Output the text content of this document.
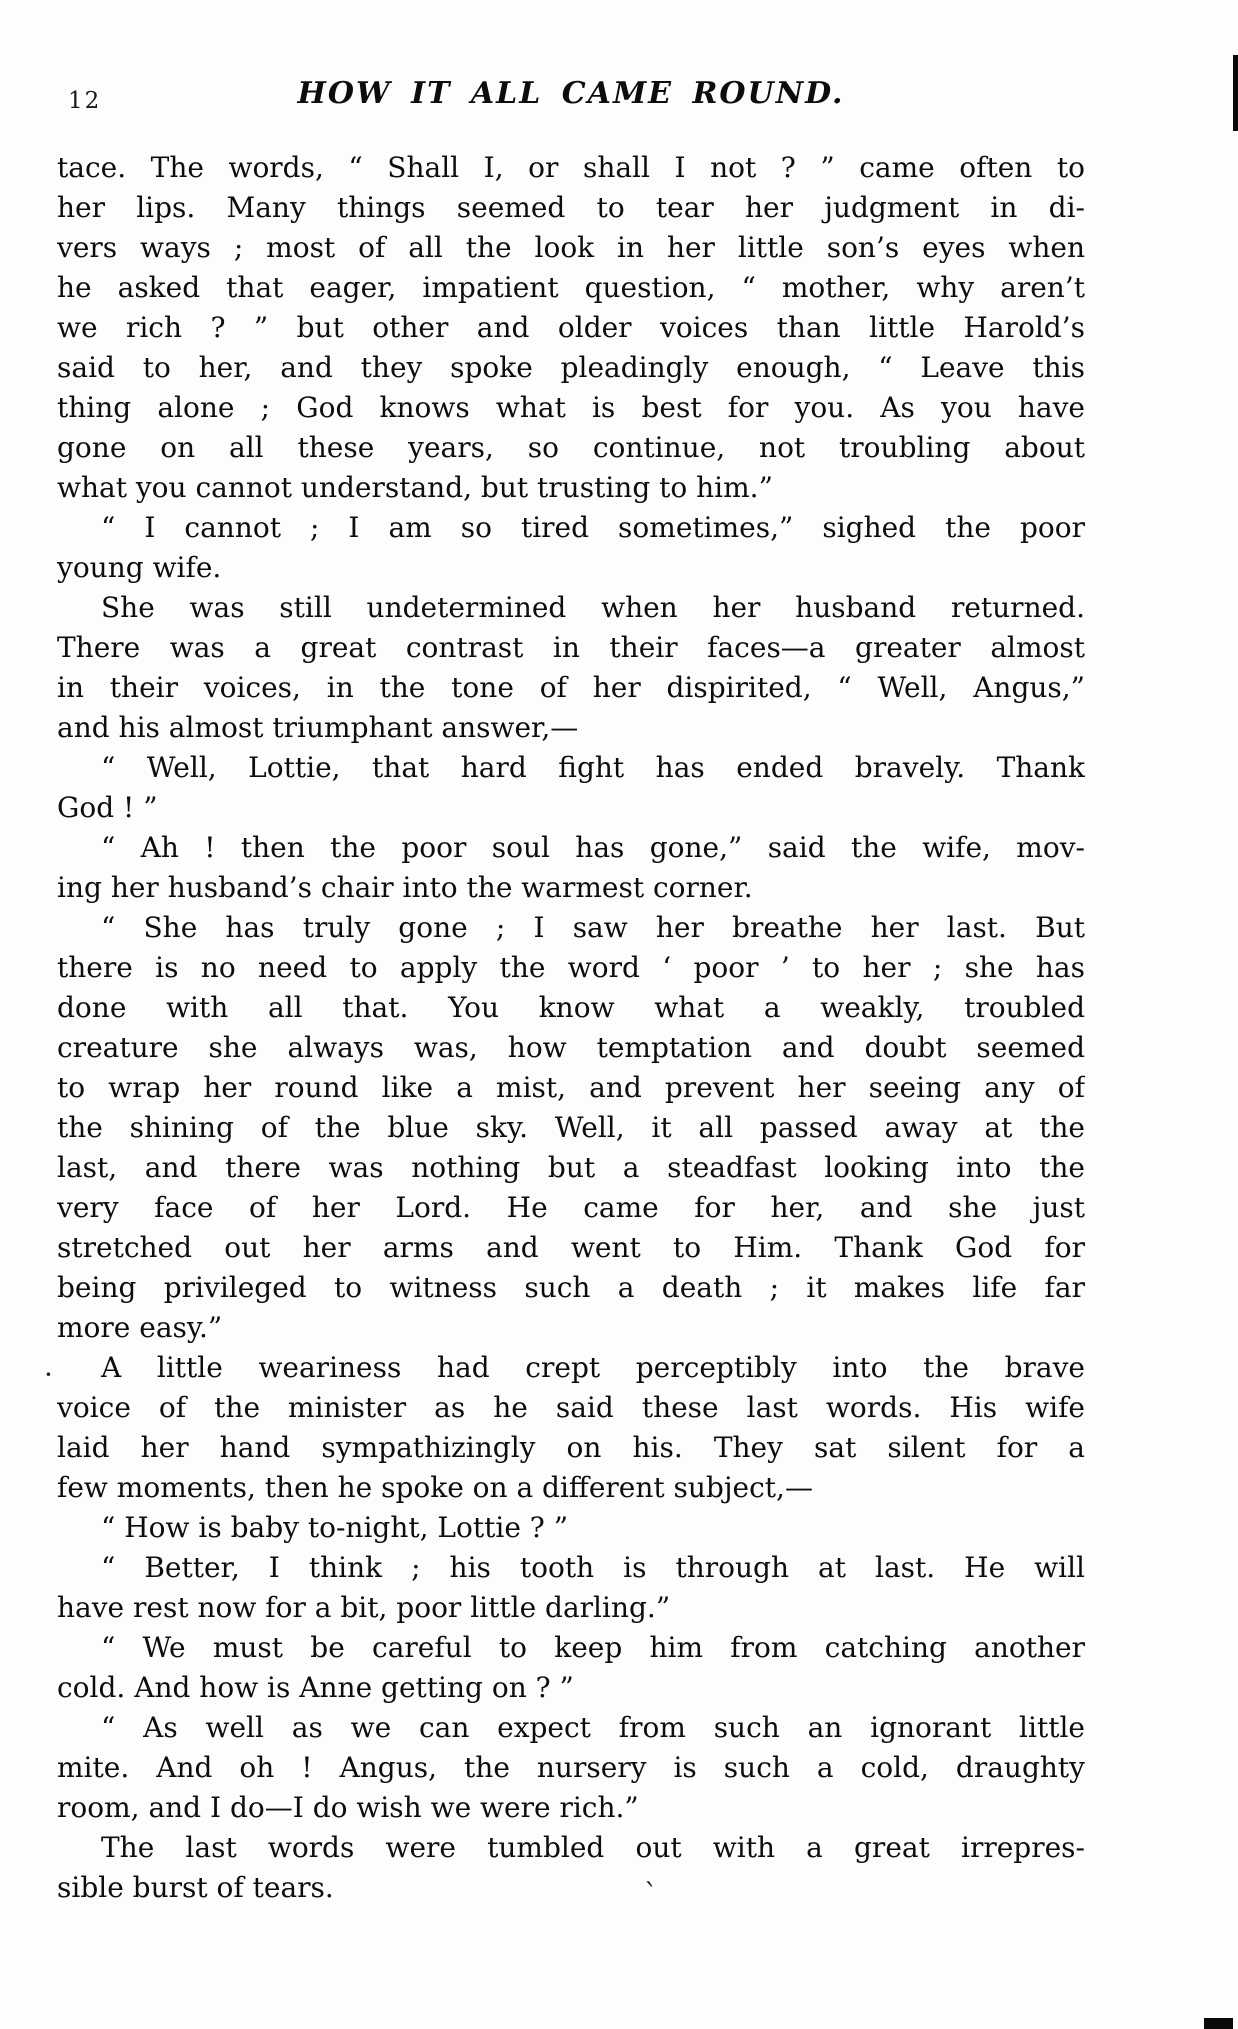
12	HOW IT ALL CAME ROUND.
tace. The words, “ Shall I, or shall I not ? ” came often to
her lips. Many things seemed to tear her judgment in di-
vers ways ; most of all the look in her little son’s eyes when
he asked that eager, impatient question, “ mother, why aren’t
we rich ? ” but other and older voices than little Harold’s
said to her, and they spoke pleadingly enough, “ Leave this
thing alone ; God knows what is best for you. As you have
gone on all these years, so continue, not troubling about
what you cannot understand, but trusting to him.”
“ I cannot ; I am so tired sometimes,” sighed the poor
young wife.
She was still undetermined when her husband returned.
There was a great contrast in their faces—a greater almost
in their voices, in the tone of her dispirited, “ Well, Angus,”
and his almost triumphant answer,—
“ Well, Lottie, that hard fight has ended bravely. Thank
God ! ”
“ Ah ! then the poor soul has gone,” said the wife, mov-
ing her husband’s chair into the warmest corner.
“ She has truly gone ; I saw her breathe her last. But
there is no need to apply the word ‘ poor ’ to her ; she has
done with all that. You know what a weakly, troubled
creature she always was, how temptation and doubt seemed
to wrap her round like a mist, and prevent her seeing any of
the shining of the blue sky. Well, it all passed away at the
last, and there was nothing but a steadfast looking into the
very face of her Lord. He came for her, and she just
stretched out her arms and went to Him. Thank God for
being privileged to witness such a death ; it makes life far
more easy.”
A little weariness had crept perceptibly into the brave
voice of the minister as he said these last words. His wife
laid her hand sympathizingly on his. They sat silent for a
few moments, then he spoke on a different subject,—
“ How is baby to-night, Lottie ? ”
“ Better, I think ; his tooth is through at last. He will
have rest now for a bit, poor little darling.”
“ We must be careful to keep him from catching another
cold. And how is Anne getting on ? ”
“ As well as we can expect from such an ignorant little
mite. And oh ! Angus, the nursery is such a cold, draughty
room, and I do—I do wish we were rich.”
The last words were tumbled out with a great irrepres-
sible burst of tears.
·
ˋ
